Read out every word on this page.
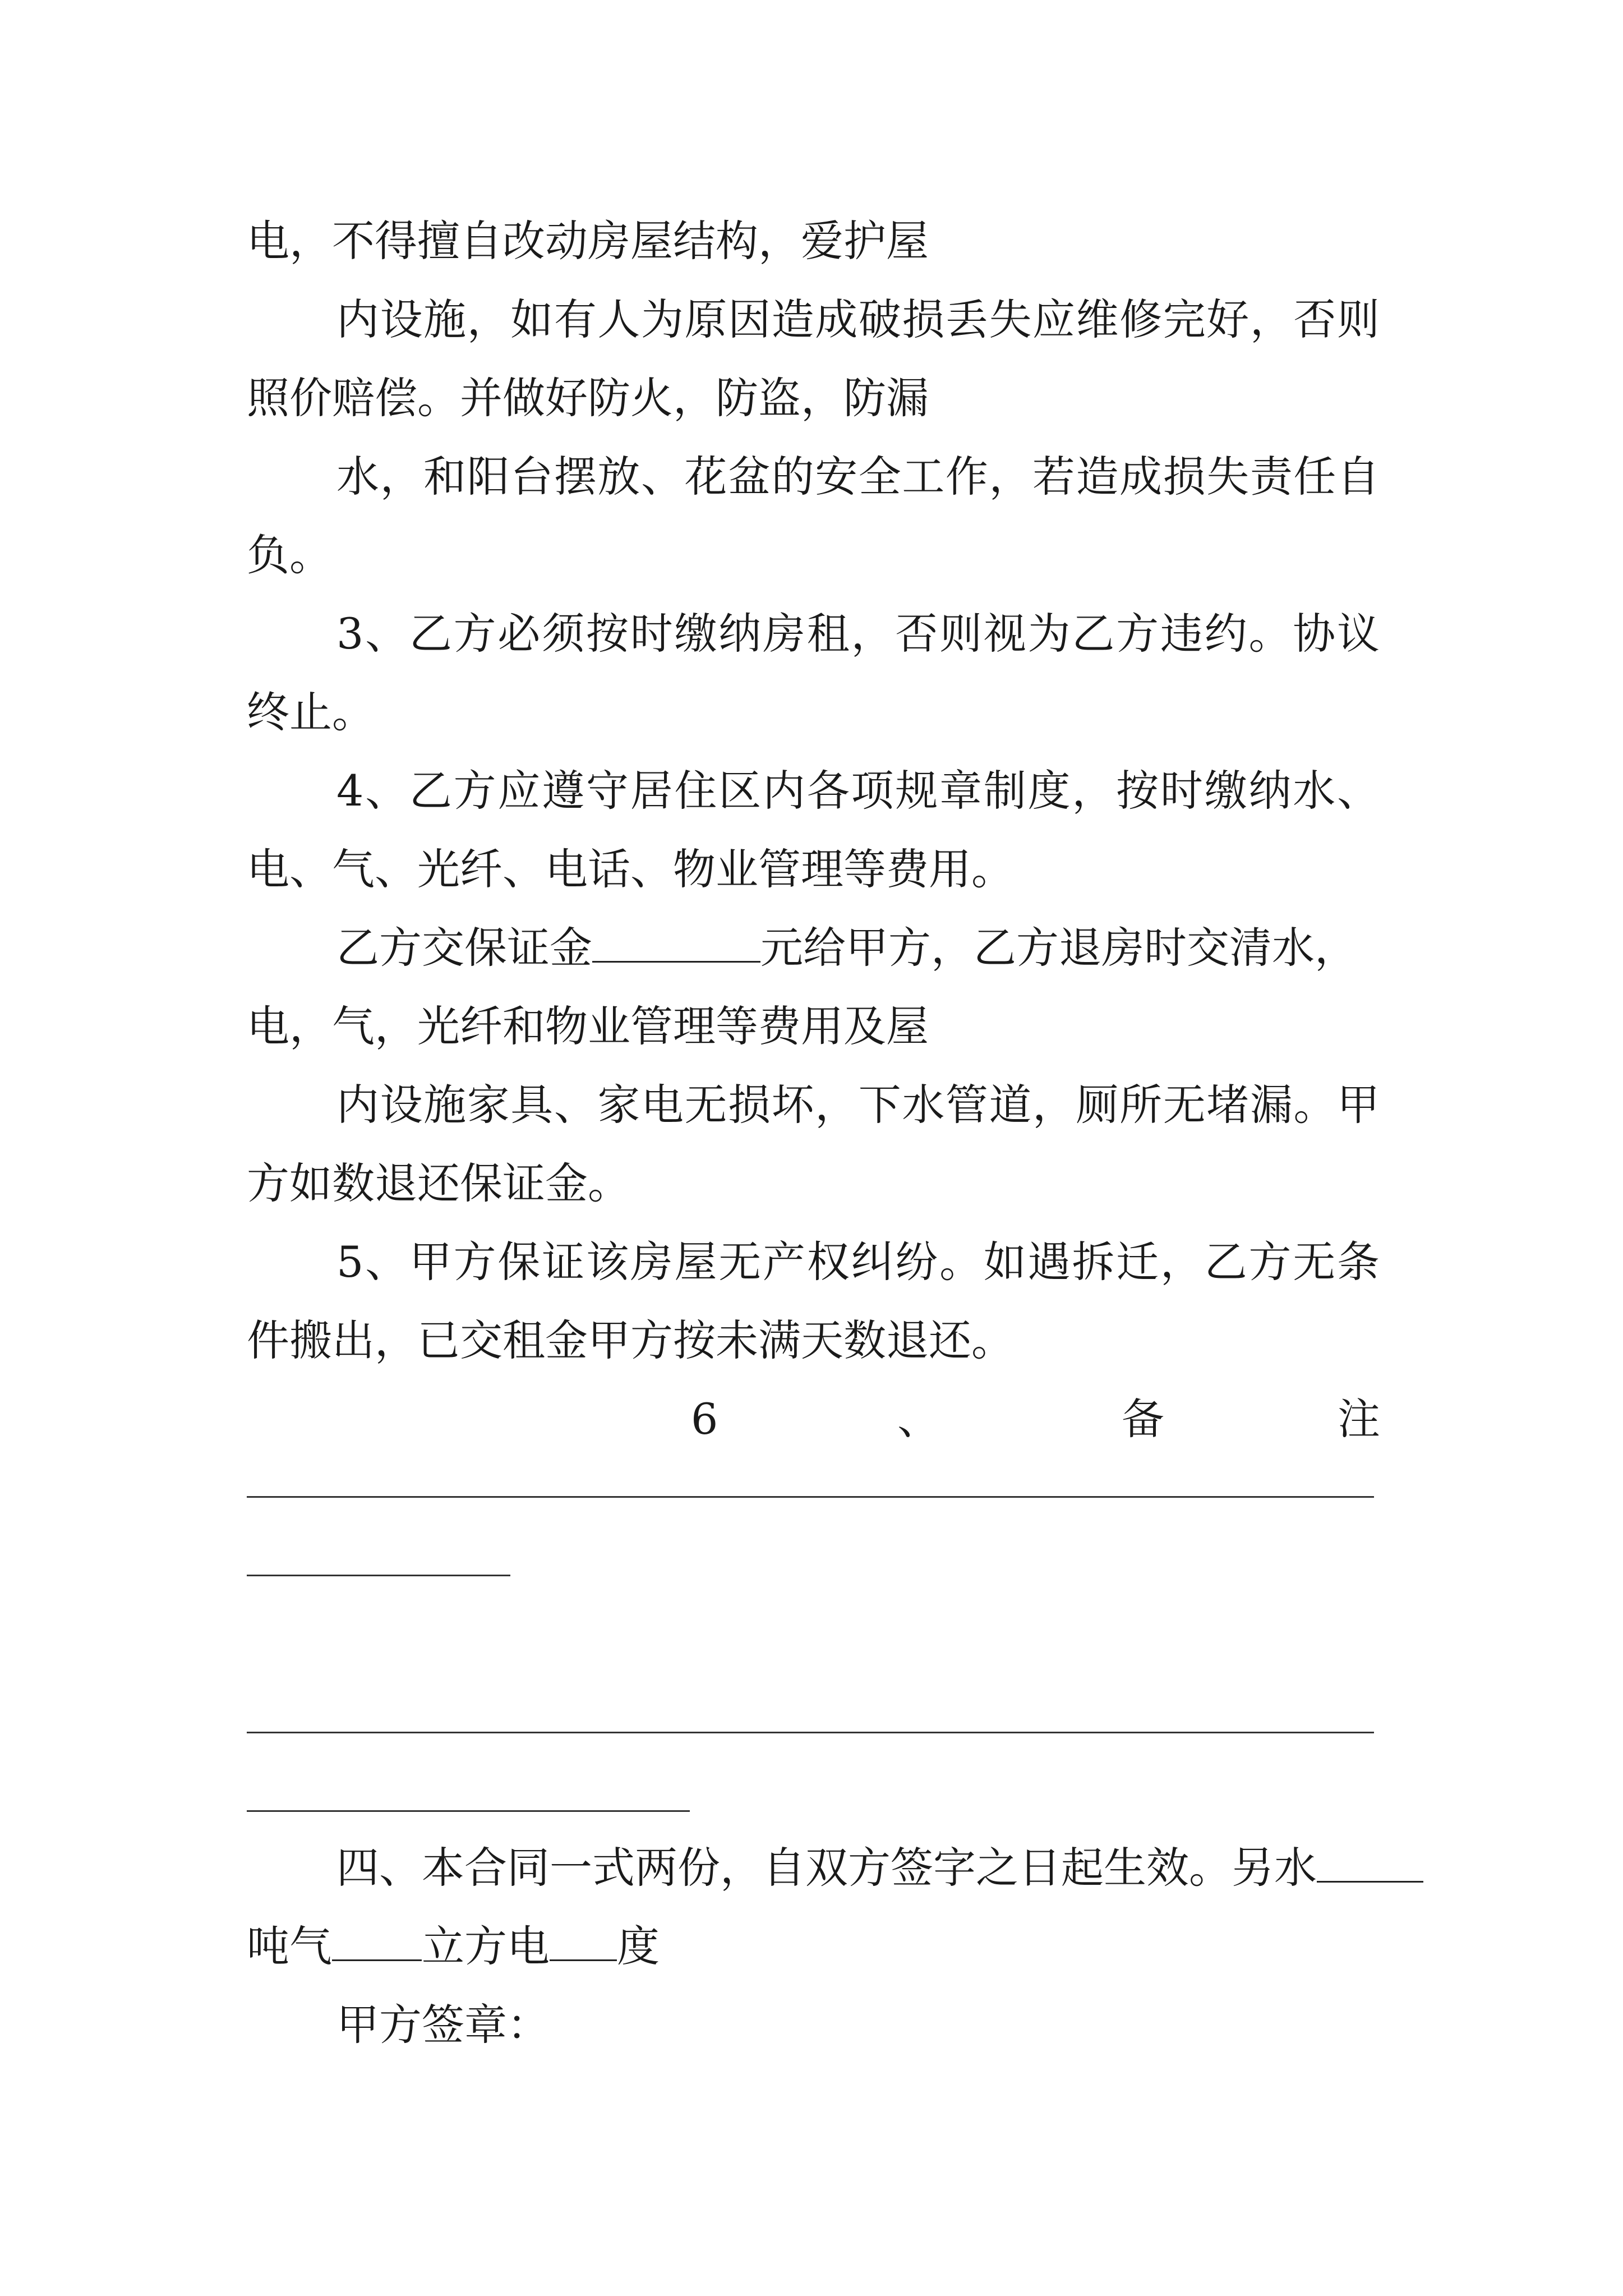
电，不得擅自改动房屋结构，爱护屋
内设施，如有人为原因造成破损丢失应维修完好，否则
照价赔偿。并做好防火，防盗，防漏
水，和阳台摆放、花盆的安全工作，若造成损失责任自
负。
3、乙方必须按时缴纳房租，否则视为乙方违约。协议
终止。
4、乙方应遵守居住区内各项规章制度，按时缴纳水、
电、气、光纤、电话、物业管理等费用。
乙方交保证金	元给甲方，乙方退房时交清水，
电，气，光纤和物业管理等费用及屋
内设施家具、家电无损坏，下水管道，厕所无堵漏。甲
方如数退还保证金。
5、甲方保证该房屋无产权纠纷。如遇拆迁，乙方无条
件搬出，已交租金甲方按未满天数退还。
6	、	备	注
四、本合同一式两份，自双方签字之日起生效。另水
吨气 立方电 度
甲方签章：
